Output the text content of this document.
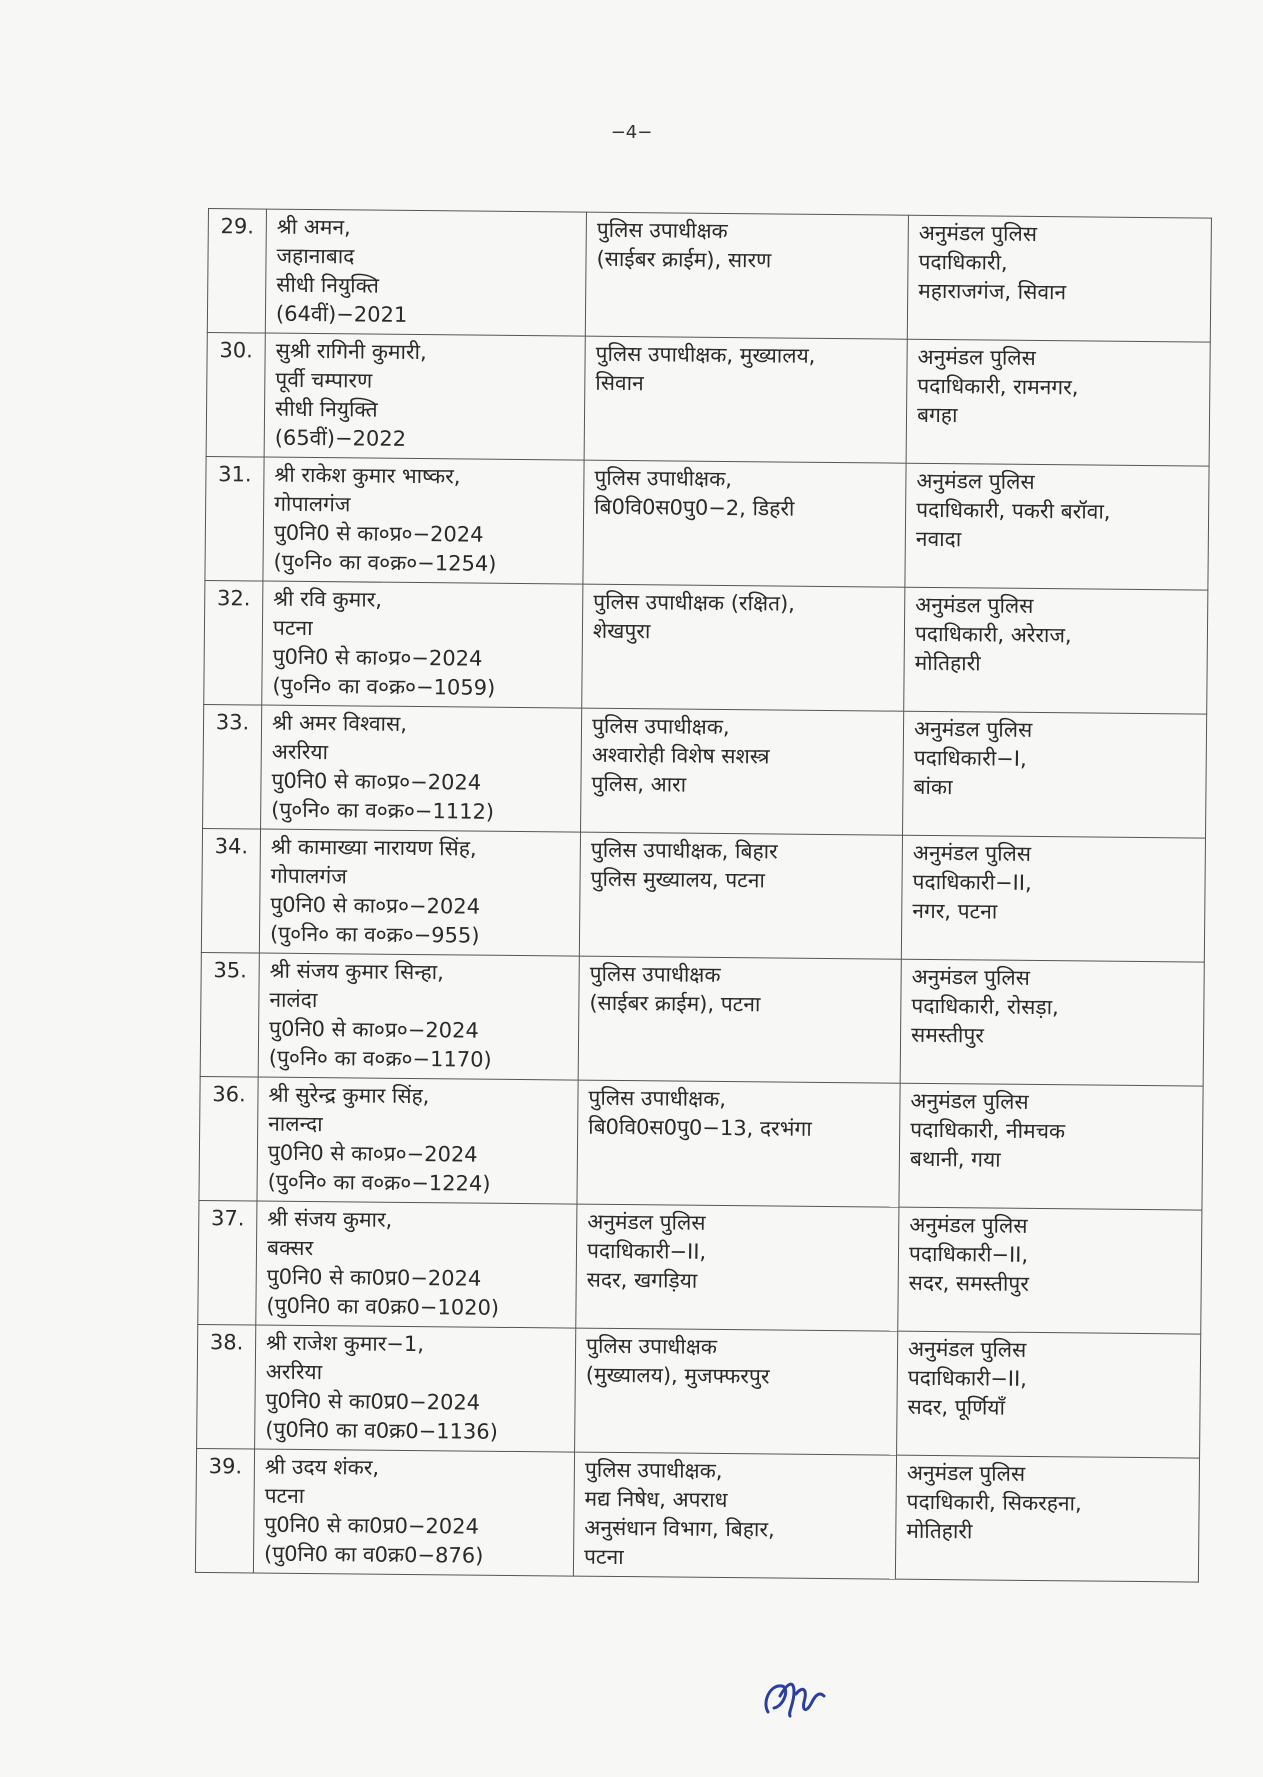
−4−
29.	श्री अमन,
जहानाबाद
सीधी नियुक्ति
(64वीं)−2021	पुलिस उपाधीक्षक
(साईबर क्राईम), सारण	अनुमंडल पुलिस
पदाधिकारी,
महाराजगंज, सिवान

30.	सुश्री रागिनी कुमारी,
पूर्वी चम्पारण
सीधी नियुक्ति
(65वीं)−2022	पुलिस उपाधीक्षक, मुख्यालय,
सिवान	अनुमंडल पुलिस
पदाधिकारी, रामनगर,
बगहा

31.	श्री राकेश कुमार भाष्कर,
गोपालगंज
पु0नि0 से का०प्र०−2024
(पु०नि० का व०क्र०−1254)	पुलिस उपाधीक्षक,
बि0वि0स0पु0−2, डिहरी	अनुमंडल पुलिस
पदाधिकारी, पकरी बरॉवा,
नवादा

32.	श्री रवि कुमार,
पटना
पु0नि0 से का०प्र०−2024
(पु०नि० का व०क्र०−1059)	पुलिस उपाधीक्षक (रक्षित),
शेखपुरा	अनुमंडल पुलिस
पदाधिकारी, अरेराज,
मोतिहारी

33.	श्री अमर विश्वास,
अररिया
पु0नि0 से का०प्र०−2024
(पु०नि० का व०क्र०−1112)	पुलिस उपाधीक्षक,
अश्वारोही विशेष सशस्त्र
पुलिस, आरा	अनुमंडल पुलिस
पदाधिकारी−I,
बांका

34.	श्री कामाख्या नारायण सिंह,
गोपालगंज
पु0नि0 से का०प्र०−2024
(पु०नि० का व०क्र०−955)	पुलिस उपाधीक्षक, बिहार
पुलिस मुख्यालय, पटना	अनुमंडल पुलिस
पदाधिकारी−II,
नगर, पटना

35.	श्री संजय कुमार सिन्हा,
नालंदा
पु0नि0 से का०प्र०−2024
(पु०नि० का व०क्र०−1170)	पुलिस उपाधीक्षक
(साईबर क्राईम), पटना	अनुमंडल पुलिस
पदाधिकारी, रोसड़ा,
समस्तीपुर

36.	श्री सुरेन्द्र कुमार सिंह,
नालन्दा
पु0नि0 से का०प्र०−2024
(पु०नि० का व०क्र०−1224)	पुलिस उपाधीक्षक,
बि0वि0स0पु0−13, दरभंगा	अनुमंडल पुलिस
पदाधिकारी, नीमचक
बथानी, गया

37.	श्री संजय कुमार,
बक्सर
पु0नि0 से का0प्र0−2024
(पु0नि0 का व0क्र0−1020)	अनुमंडल पुलिस
पदाधिकारी−II,
सदर, खगड़िया	अनुमंडल पुलिस
पदाधिकारी−II,
सदर, समस्तीपुर

38.	श्री राजेश कुमार−1,
अररिया
पु0नि0 से का0प्र0−2024
(पु0नि0 का व0क्र0−1136)	पुलिस उपाधीक्षक
(मुख्यालय), मुजफ्फरपुर	अनुमंडल पुलिस
पदाधिकारी−II,
सदर, पूर्णियाँ

39.	श्री उदय शंकर,
पटना
पु0नि0 से का0प्र0−2024
(पु0नि0 का व0क्र0−876)	पुलिस उपाधीक्षक,
मद्य निषेध, अपराध
अनुसंधान विभाग, बिहार,
पटना	अनुमंडल पुलिस
पदाधिकारी, सिकरहना,
मोतिहारी
